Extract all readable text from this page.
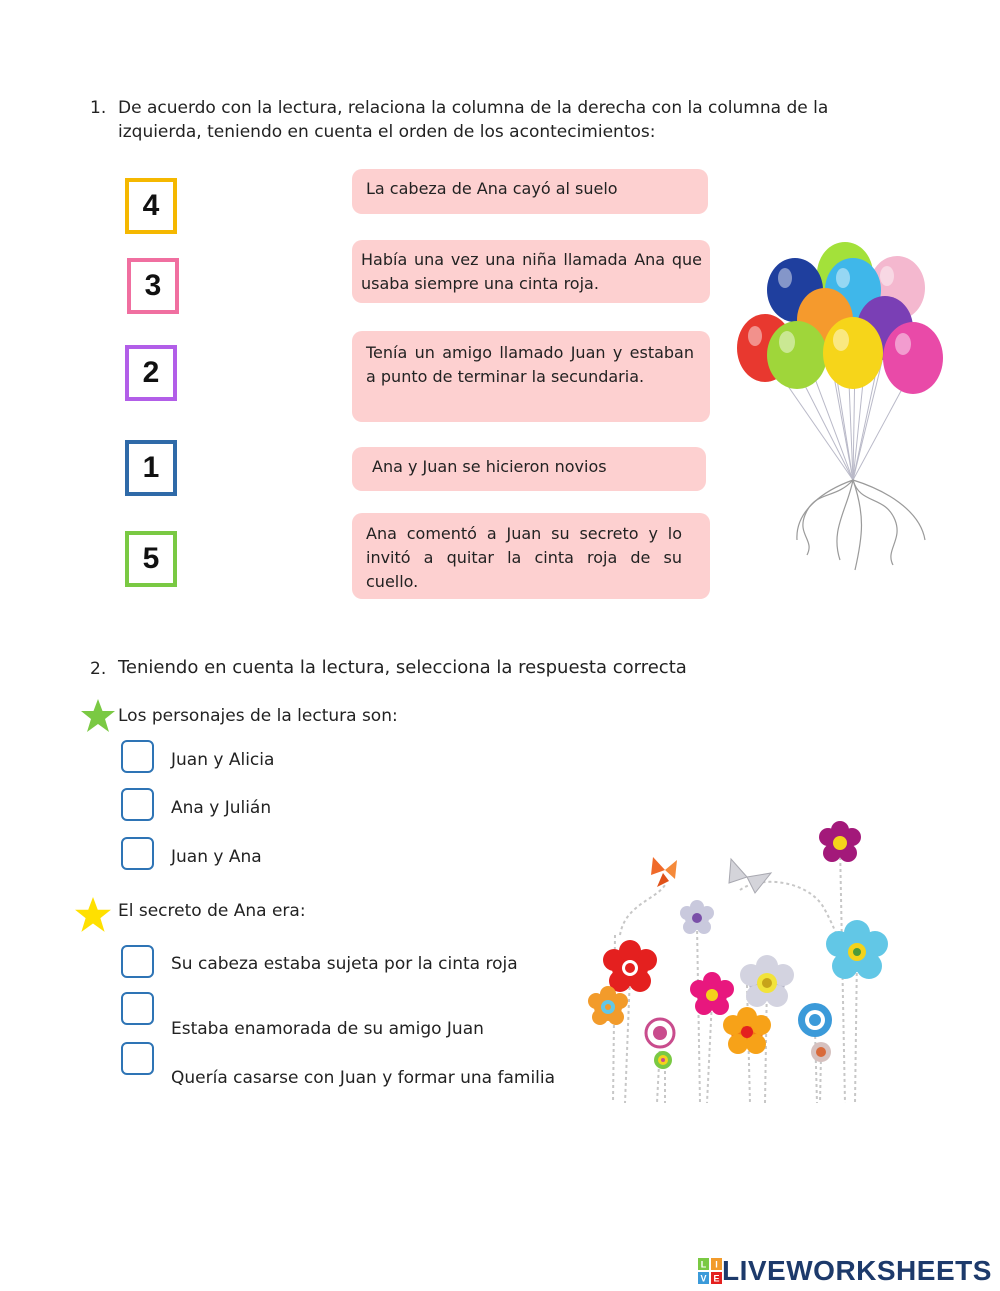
1. De acuerdo con la lectura, relaciona la columna de la derecha con la columna de la
izquierda, teniendo en cuenta el orden de los acontecimientos:
4
3
2
1
5
La cabeza de Ana cayó al suelo
Había una vez una niña llamada Ana que usaba siempre una cinta roja.
Tenía un amigo llamado Juan y estaban a punto de terminar la secundaria.
Ana y Juan se hicieron novios
Ana comentó a Juan su secreto y lo invitó a quitar la cinta roja de su cuello.
2. Teniendo en cuenta la lectura, selecciona la respuesta correcta
Los personajes de la lectura son:
Juan y Alicia
Ana y Julián
Juan y Ana
El secreto de Ana era:
Su cabeza estaba sujeta por la cinta roja
Estaba enamorada de su amigo Juan
Quería casarse con Juan y formar una familia
L I
V E LIVEWORKSHEETS
